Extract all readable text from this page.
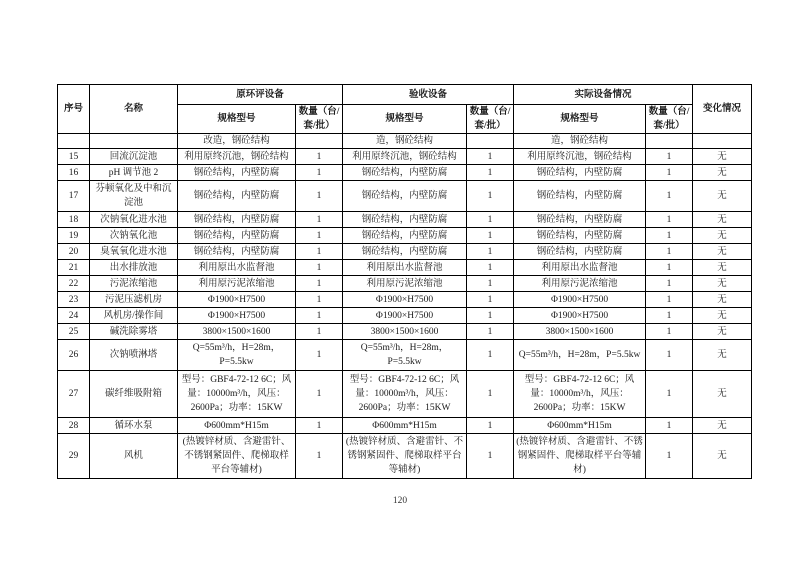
序号	名称	原环评设备		验收设备		实际设备情况		变化情况
		规格型号	数量（台/套/批）	规格型号	数量（台/套/批）	规格型号	数量（台/套/批）	
		改造，钢砼结构		造，钢砼结构		造，钢砼结构		
15	回流沉淀池	利用原终沉池，钢砼结构	1	利用原终沉池，钢砼结构	1	利用原终沉池，钢砼结构	1	无
16	pH 调节池 2	钢砼结构，内壁防腐	1	钢砼结构，内壁防腐	1	钢砼结构，内壁防腐	1	无
17	芬顿氧化及中和沉淀池	钢砼结构，内壁防腐	1	钢砼结构，内壁防腐	1	钢砼结构，内壁防腐	1	无
18	次钠氧化进水池	钢砼结构，内壁防腐	1	钢砼结构，内壁防腐	1	钢砼结构，内壁防腐	1	无
19	次钠氧化池	钢砼结构，内壁防腐	1	钢砼结构，内壁防腐	1	钢砼结构，内壁防腐	1	无
20	臭氧氧化进水池	钢砼结构，内壁防腐	1	钢砼结构，内壁防腐	1	钢砼结构，内壁防腐	1	无
21	出水排放池	利用原出水监督池	1	利用原出水监督池	1	利用原出水监督池	1	无
22	污泥浓缩池	利用原污泥浓缩池	1	利用原污泥浓缩池	1	利用原污泥浓缩池	1	无
23	污泥压滤机房	Φ1900×H7500	1	Φ1900×H7500	1	Φ1900×H7500	1	无
24	风机房/操作间	Φ1900×H7500	1	Φ1900×H7500	1	Φ1900×H7500	1	无
25	碱洗除雾塔	3800×1500×1600	1	3800×1500×1600	1	3800×1500×1600	1	无
26	次钠喷淋塔	Q=55m³/h，H=28m，P=5.5kw	1	Q=55m³/h，H=28m，P=5.5kw	1	Q=55m³/h，H=28m，P=5.5kw	1	无
27	碳纤维吸附箱	型号：GBF4-72-12 6C；风量：10000m³/h，风压：2600Pa；功率：15KW	1	型号：GBF4-72-12 6C；风量：10000m³/h，风压：2600Pa；功率：15KW	1	型号：GBF4-72-12 6C；风量：10000m³/h，风压：2600Pa；功率：15KW	1	无
28	循环水泵	Φ600mm*H15m	1	Φ600mm*H15m	1	Φ600mm*H15m	1	无
29	风机	(热镀锌材质、含避雷针、不锈钢紧固件、爬梯取样平台等辅材)	1	(热镀锌材质、含避雷针、不锈钢紧固件、爬梯取样平台等辅材)	1	(热镀锌材质、含避雷针、不锈钢紧固件、爬梯取样平台等辅材)	1	无
120
